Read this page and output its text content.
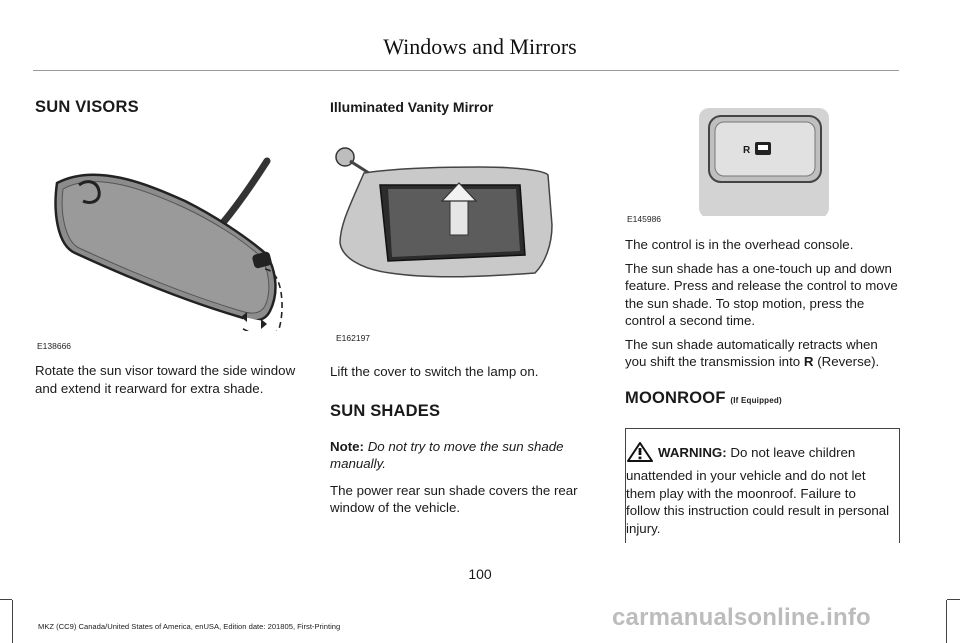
Windows and Mirrors
SUN VISORS
E138666

Rotate the sun visor toward the side window and extend it rearward for extra shade.

Illuminated Vanity Mirror
E162197

Lift the cover to switch the lamp on.

SUN SHADES

Note: Do not try to move the sun shade manually.

The power rear sun shade covers the rear window of the vehicle.

R
E145986

The control is in the overhead console.

The sun shade has a one-touch up and down feature. Press and release the control to move the sun shade. To stop motion, press the control a second time.

The sun shade automatically retracts when you shift the transmission into R (Reverse).

MOONROOF (If Equipped)

WARNING: Do not leave children unattended in your vehicle and do not let them play with the moonroof. Failure to follow this instruction could result in personal injury.

100
MKZ (CC9) Canada/United States of America, enUSA, Edition date: 201805, First-Printing	carmanualsonline.info
